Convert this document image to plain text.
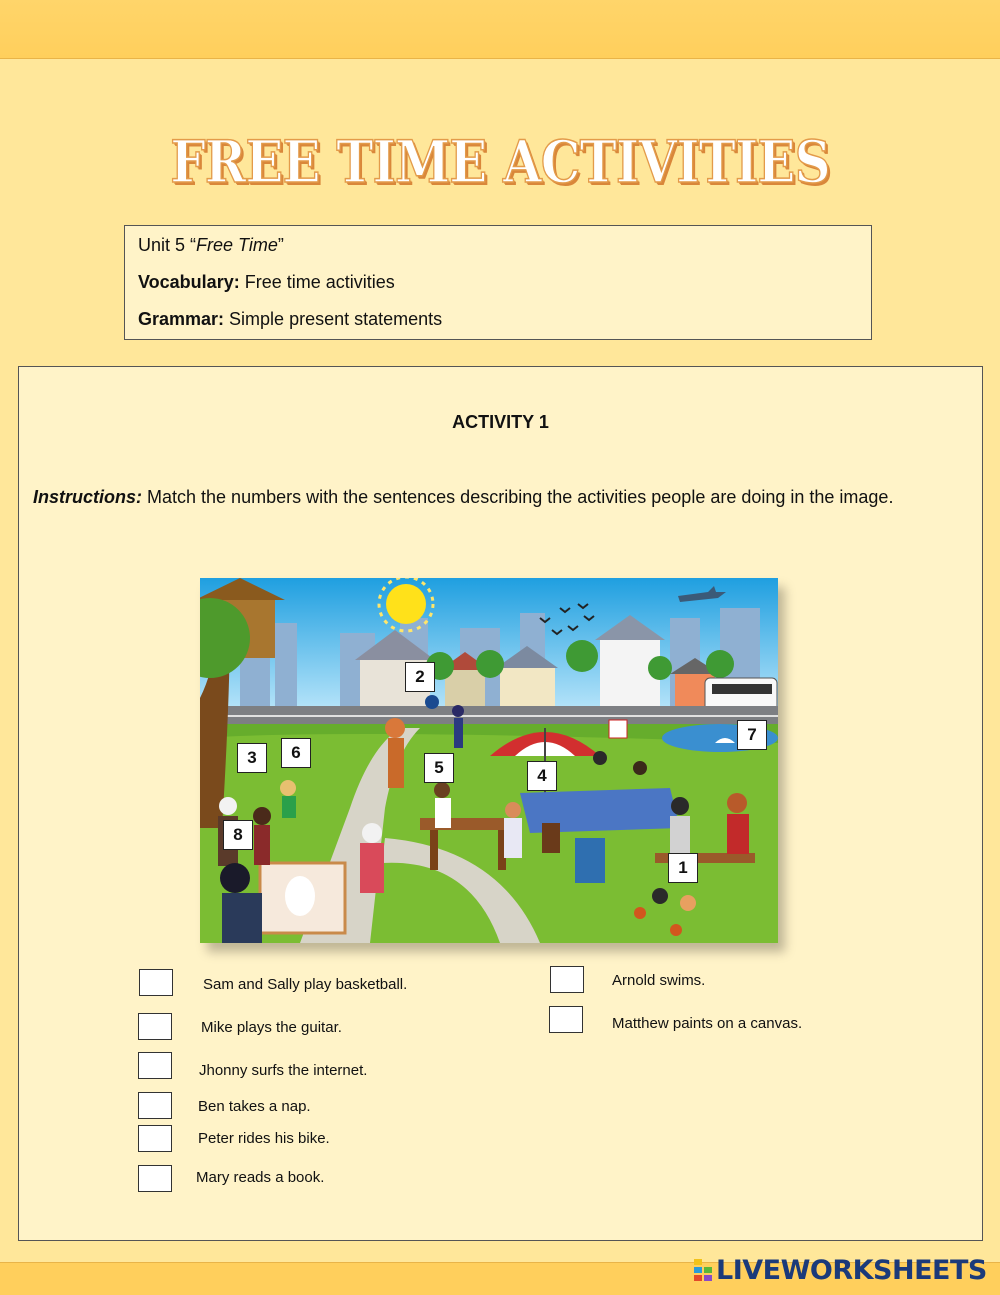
FREE TIME ACTIVITIES
Unit 5 “Free Time”
Vocabulary: Free time activities
Grammar: Simple present statements
ACTIVITY 1
Instructions: Match the numbers with the sentences describing the activities people are doing in the image.
1
2
3
4
5
6
7
8
Sam and Sally play basketball.
Mike plays the guitar.
Jhonny surfs the internet.
Ben takes a nap.
Peter rides his bike.
Mary reads a book.
Arnold swims.
Matthew paints on a canvas.
LIVEWORKSHEETS
